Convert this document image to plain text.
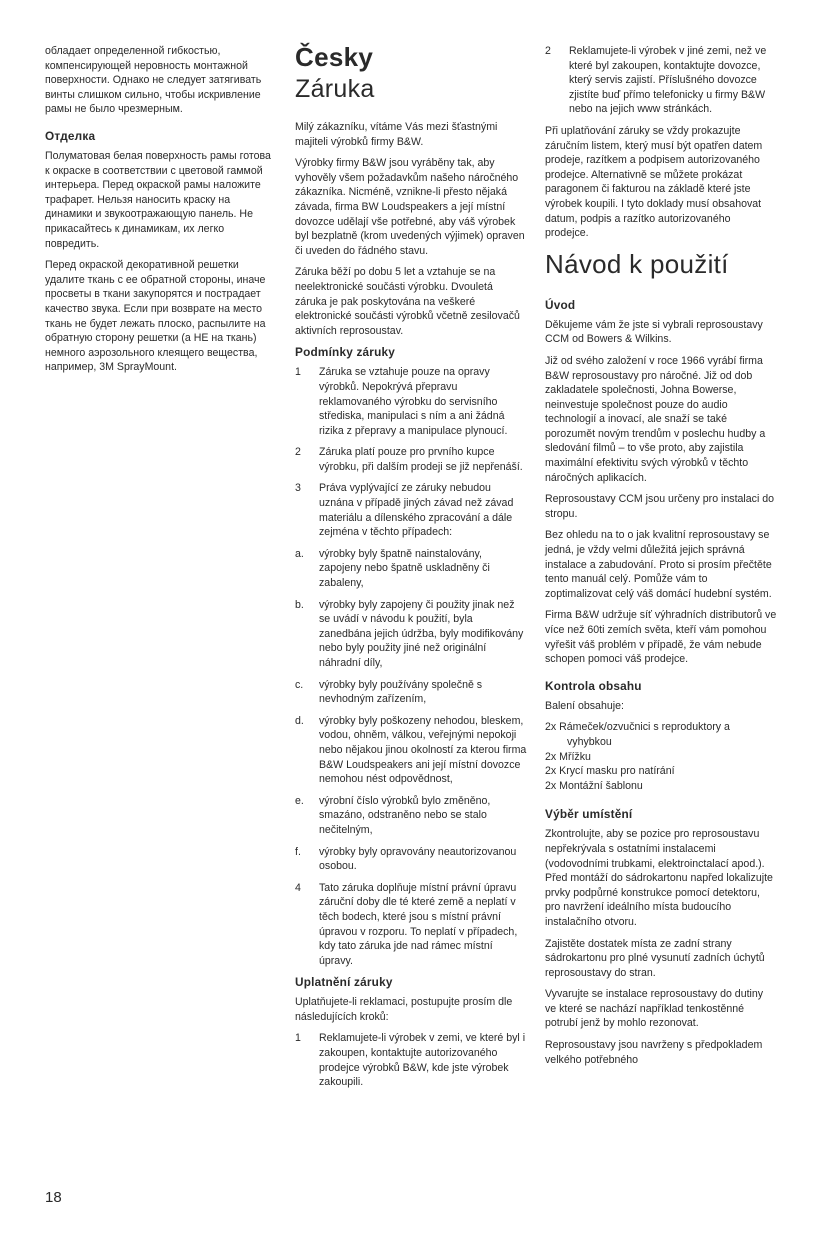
обладает определенной гибкостью, компенсирующей неровность монтажной поверхности. Однако не следует затягивать винты слишком сильно, чтобы искривление рамы не было чрезмерным.

Отделка

Полуматовая белая поверхность рамы готова к окраске в соответствии с цветовой гаммой интерьера. Перед окраской рамы наложите трафарет. Нельзя наносить краску на динамики и звукоотражающую панель. Не прикасайтесь к динамикам, их легко повредить.

Перед окраской декоративной решетки удалите ткань с ее обратной стороны, иначе просветы в ткани закупорятся и пострадает качество звука. Если при возврате на место ткань не будет лежать плоско, распылите на обратную сторону решетки (а НЕ на ткань) немного аэрозольного клеящего вещества, например, 3M SprayMount.

Česky
Záruka

Milý zákazníku, vítáme Vás mezi šťastnými majiteli výrobků firmy B&W.

Výrobky firmy B&W jsou vyráběny tak, aby vyhověly všem požadavkům našeho náročného zákazníka. Nicméně, vznikne-li přesto nějaká závada, firma BW Loudspeakers a její místní dovozce udělají vše potřebné, aby váš výrobek byl bezplatně (krom uvedených výjimek) opraven či uveden do řádného stavu.

Záruka běží po dobu 5 let a vztahuje se na neelektronické součásti výrobku. Dvouletá záruka je pak poskytována na veškeré elektronické součásti výrobků včetně zesilovačů aktivních reprosoustav.

Podmínky záruky
1	Záruka se vztahuje pouze na opravy výrobků. Nepokrývá přepravu reklamovaného výrobku do servisního střediska, manipulaci s ním a ani žádná rizika z přepravy a manipulace plynoucí.
2	Záruka platí pouze pro prvního kupce výrobku, při dalším prodeji se již nepřenáší.
3	Práva vyplývající ze záruky nebudou uznána v případě jiných závad než závad materiálu a dílenského zpracování a dále zejména v těchto případech:
a.	výrobky byly špatně nainstalovány, zapojeny nebo špatně uskladněny či zabaleny,
b.	výrobky byly zapojeny či použity jinak než se uvádí v návodu k použití, byla zanedbána jejich údržba, byly modifikovány nebo byly použity jiné než originální náhradní díly,
c.	výrobky byly používány společně s nevhodným zařízením,
d.	výrobky byly poškozeny nehodou, bleskem, vodou, ohněm, válkou, veřejnými nepokoji nebo nějakou jinou okolností za kterou firma B&W Loudspeakers ani její místní dovozce nemohou nést odpovědnost,
e.	výrobní číslo výrobků bylo změněno, smazáno, odstraněno nebo se stalo nečitelným,
f.	výrobky byly opravovány neautorizovanou osobou.
4	Tato záruka doplňuje místní právní úpravu záruční doby dle té které země a neplatí v těch bodech, které jsou s místní právní úpravou v rozporu. To neplatí v případech, kdy tato záruka jde nad rámec místní úpravy.
Uplatnění záruky

Uplatňujete-li reklamaci, postupujte prosím dle následujících kroků:

1	Reklamujete-li výrobek v zemi, ve které byl i zakoupen, kontaktujte autorizovaného prodejce výrobků B&W, kde jste výrobek zakoupili.
2	Reklamujete-li výrobek v jiné zemi, než ve které byl zakoupen, kontaktujte dovozce, který servis zajistí. Příslušného dovozce zjistíte buď přímo telefonicky u firmy B&W nebo na jejich www stránkách.

Při uplatňování záruky se vždy prokazujte záručním listem, který musí být opatřen datem prodeje, razítkem a podpisem autorizovaného prodejce. Alternativně se můžete prokázat paragonem či fakturou na základě které jste výrobek koupili. I tyto doklady musí obsahovat datum, podpis a razítko autorizovaného prodejce.

Návod k použití
Úvod

Děkujeme vám že jste si vybrali reprosoustavy CCM od Bowers & Wilkins.

Již od svého založení v roce 1966 vyrábí firma B&W reprosoustavy pro náročné. Již od dob zakladatele společnosti, Johna Bowerse, neinvestuje společnost pouze do audio technologií a inovací, ale snaží se také porozumět novým trendům v poslechu hudby a sledování filmů – to vše proto, aby zajistila maximální efektivitu svých výrobků v těchto náročných aplikacích.

Reprosoustavy CCM jsou určeny pro instalaci do stropu.

Bez ohledu na to o jak kvalitní reprosoustavy se jedná, je vždy velmi důležitá jejich správná instalace a zabudování. Proto si prosím přečtěte tento manuál celý. Pomůže vám to zoptimalizovat celý váš domácí hudební systém.

Firma B&W udržuje síť výhradních distributorů ve více než 60ti zemích světa, kteří vám pomohou vyřešit váš problém v případě, že vám nebude schopen pomoci váš prodejce.

Kontrola obsahu

Balení obsahuje:

2x Rámeček/ozvučnici s reproduktory a
vyhybkou
2x Mřížku
2x Krycí masku pro natírání
2x Montážní šablonu
Výběr umístění

Zkontrolujte, aby se pozice pro reprosoustavu nepřekrývala s ostatními instalacemi (vodovodními trubkami, elektroinctalací apod.). Před montáží do sádrokartonu napřed lokalizujte prvky podpůrné konstrukce pomocí detektoru, pro navržení ideálního místa budoucího instalačního otvoru.

Zajistěte dostatek místa ze zadní strany sádrokartonu pro plné vysunutí zadních úchytů reprosoustavy do stran.

Vyvarujte se instalace reprosoustavy do dutiny ve které se nachází například tenkostěnné potrubí jenž by mohlo rezonovat.

Reprosoustavy jsou navrženy s předpokladem velkého potřebného

18
